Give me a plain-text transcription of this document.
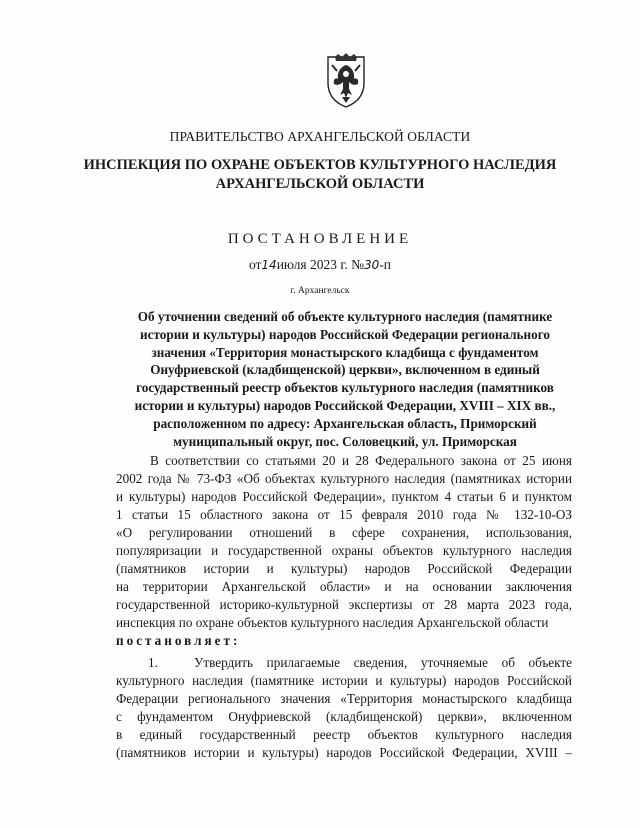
ПРАВИТЕЛЬСТВО АРХАНГЕЛЬСКОЙ ОБЛАСТИ
ИНСПЕКЦИЯ ПО ОХРАНЕ ОБЪЕКТОВ КУЛЬТУРНОГО НАСЛЕДИЯ
АРХАНГЕЛЬСКОЙ ОБЛАСТИ
ПОСТАНОВЛЕНИЕ
от14июля 2023 г. №30-п
г. Архангельск
Об уточнении сведений об объекте культурного наследия (памятнике
истории и культуры) народов Российской Федерации регионального
значения «Территория монастырского кладбища с фундаментом
Онуфриевской (кладбищенской) церкви», включенном в единый
государственный реестр объектов культурного наследия (памятников
истории и культуры) народов Российской Федерации, XVIII – XIX вв.,
расположенном по адресу: Архангельская область, Приморский
муниципальный округ, пос. Соловецкий, ул. Приморская
В соответствии со статьями 20 и 28 Федерального закона от 25 июня
2002 года № 73-ФЗ «Об объектах культурного наследия (памятниках истории
и культуры) народов Российской Федерации», пунктом 4 статьи 6 и пунктом
1 статьи 15 областного закона от 15 февраля 2010 года № 132-10-ОЗ
«О регулировании отношений в сфере сохранения, использования,
популяризации и государственной охраны объектов культурного наследия
(памятников истории и культуры) народов Российской Федерации
на территории Архангельской области» и на основании заключения
государственной историко-культурной экспертизы от 28 марта 2023 года,
инспекция по охране объектов культурного наследия Архангельской области
постановляет:
1.	Утвердить прилагаемые сведения, уточняемые об объекте
культурного наследия (памятнике истории и культуры) народов Российской
Федерации регионального значения «Территория монастырского кладбища
с фундаментом Онуфриевской (кладбищенской) церкви», включенном
в единый государственный реестр объектов культурного наследия
(памятников истории и культуры) народов Российской Федерации, XVIII –
